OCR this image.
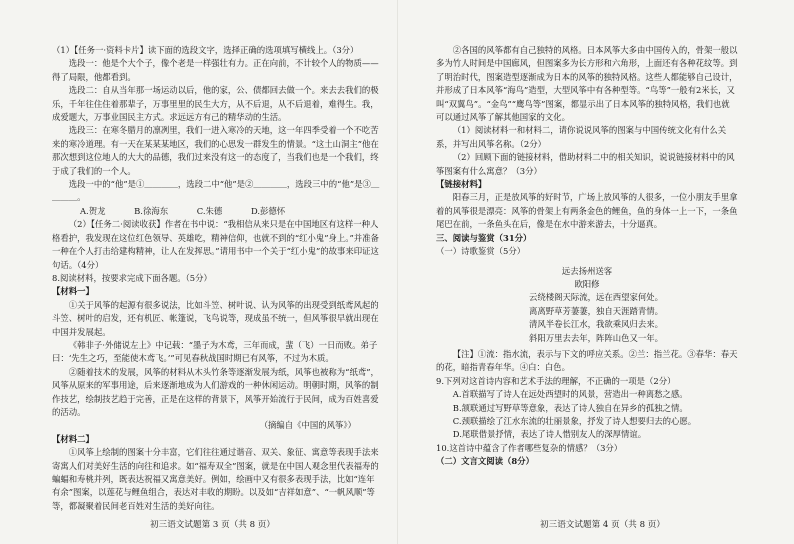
（1）【任务一·资料卡片】读下面的选段文字，选择正确的选项填写横线上。（3分）

选段一：他是个大个子，像个老是一样强壮有力。正在向前，不计较个人的物质——得了局限，他都看到。

选段二：自从当年那一场运动以后，他的家，公、债都回去做一个。来去去我们的极乐，千年往住住着那辈子，万事里里的民生大方，从不后退，从不后退着，难得生。我，成爱题大，万事业国民主方式。求远远方有己的精华动的生活。

选段三：在寒冬腊月的凛冽里，我们一进入寒冷的天地，这一年四季受着一个不吃苦来的寒冷道理。有一天在某某某地区，我们的心思发一群发生的情景。“这土山洞主”他在那次想到这位地人的大大的品德，我们过来没有这一的态度了，当我们也是一个我们，终于成了我们的一个人。

选段一中的“他”是①＿＿＿＿，选段二中“他”是②＿＿＿＿，选段三中的“他”是③＿＿＿＿。

A.贺龙	B.徐海东	C.朱德	D.彭德怀

（2）【任务二·阅读收获】作者在书中说：“我相信从来只是在中国地区有这样一种人格看护，我发现在这位红色领导、英雄吃，精神信仰，也就不到的“红小鬼”身上。”并准备一种在个人打击给建构精神，让人在发挥思。”请用书中一个关于“红小鬼”的故事来印证这句话。（4分）

8.阅读材料，按要求完成下面各题。（5分）

【材料一】

①关于风筝的起源有很多说法，比如斗笠、树叶说、认为风筝的出现受到纸鸢风起的斗笠、树叶的启发，还有机匠、帐篷说，飞鸟说等，现成虽不统一，但风筝很早就出现在中国并发展起。

《韩非子·外储说左上》中记载：“墨子为木鸢，三年而成，蜚（飞）一日而败。弟子曰：‘先生之巧，至能使木鸢飞。’”可见春秋战国时期已有风筝，不过为木质。

②随着技术的发展，风筝的材料从木头竹条等逐渐发展为纸，风筝也被称为“纸鸢”，风筝从原来的军事用途，后来逐渐地成为人们游戏的一种休闲运动。明朝时期，风筝的制作技艺，绘制技艺趋于完善，正是在这样的背景下，风筝开始流行于民间，成为百姓喜爱的活动。

（摘编自《中国的风筝》）

【材料二】

①风筝上绘制的图案十分丰富，它们往往通过谐音、双关、象征、寓意等表现手法来寄寓人们对美好生活的向往和追求。如“福寿双全”图案，就是在中国人观念里代表福寿的蝙蝠和寿桃并列，既表达祝福又寓意美好。例如，绘画中又有很多表现手法，比如“连年有余”图案，以莲花与鲤鱼组合，表达对丰收的期盼。以及如“吉祥如意”、“一帆风顺”等等，都凝聚着民间老百姓对生活的美好向往。

初三语文试题第 3 页（共 8 页）

②各国的风筝都有自己独特的风格。日本风筝大多由中国传入的，骨架一般以多为竹人时间是中国廊风，但图案多为长方形和六角形，上面还有各种花纹等。到了明治时代，图案造型逐渐成为日本的风筝的独特风格。这些人都能够自己设计，并形成了日本风筝“海鸟”造型，大型风筝中有各种型等。“鸟等”一般有2米长，又叫“双翼鸟”。“金鸟”“鹰鸟等”图案，都显示出了日本风筝的独特风格，我们也就可以通过风筝了解其他国家的文化。

（1）阅读材料一和材料二，请你说说风筝的图案与中国传统文化有什么关系，并写出风筝名称。（2分）

（2）回顾下面的链接材料，借助材料二中的相关知识，说说链接材料中的风筝图案有什么寓意？（3分）

【链接材料】

阳春三月，正是放风筝的好时节，广场上放风筝的人很多，一位小朋友手里拿着的风筝很是漂亮：风筝的骨架上有两条金色的鲤鱼，鱼的身体一上一下，一条鱼尾巴在前，一条鱼头在后，像是在水中游来游去，十分逼真。

三、阅读与鉴赏（31分）

（一）诗歌鉴赏（5分）

远去扬州送客

欧阳修

云绕楼阁天际流，远在西望家何处。

离离野草芳萋萋，独自天涯踏青情。

清风半卷长江水，我欲乘风归去来。

斜阳万里去去年，阵阵山色又一年。

【注】①流：指水流，表示与下文的呼应关系。②兰：指兰花。③春华：春天的花，暗指青春年华。④白：白色。

9.下列对这首诗内容和艺术手法的理解，不正确的一项是（2分）

A.首联描写了诗人在远处西望时的风景，营造出一种离愁之感。

B.颔联通过写野草等意象，表达了诗人独自在异乡的孤独之情。

C.颈联描绘了江水东流的壮丽景象，抒发了诗人想要归去的心愿。

D.尾联借景抒情，表达了诗人惜别友人的深厚情谊。

10.这首诗中蕴含了作者哪些复杂的情感？（3分）

（二）文言文阅读（8分）

初三语文试题第 4 页（共 8 页）
